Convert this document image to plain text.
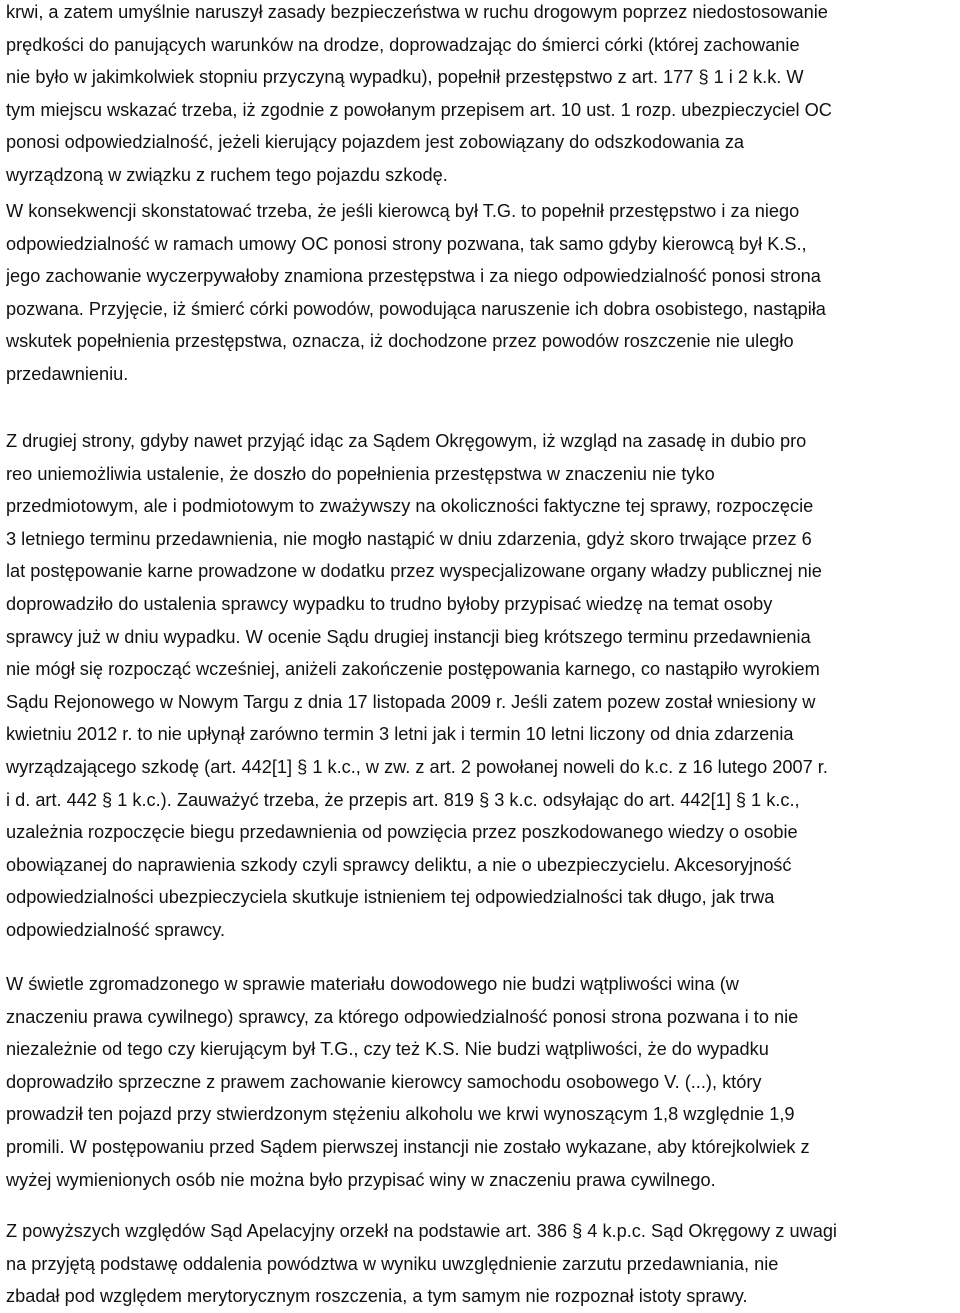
krwi, a zatem umyślnie naruszył zasady bezpieczeństwa w ruchu drogowym poprzez niedostosowanie
prędkości do panujących warunków na drodze, doprowadzając do śmierci córki (której zachowanie
nie było w jakimkolwiek stopniu przyczyną wypadku), popełnił przestępstwo z art. 177 § 1 i 2 k.k. W
tym miejscu wskazać trzeba, iż zgodnie z powołanym przepisem art. 10 ust. 1 rozp. ubezpieczyciel OC
ponosi odpowiedzialność, jeżeli kierujący pojazdem jest zobowiązany do odszkodowania za
wyrządzoną w związku z ruchem tego pojazdu szkodę.

W konsekwencji skonstatować trzeba, że jeśli kierowcą był T.G. to popełnił przestępstwo i za niego
odpowiedzialność w ramach umowy OC ponosi strony pozwana, tak samo gdyby kierowcą był K.S.,
jego zachowanie wyczerpywałoby znamiona przestępstwa i za niego odpowiedzialność ponosi strona
pozwana. Przyjęcie, iż śmierć córki powodów, powodująca naruszenie ich dobra osobistego, nastąpiła
wskutek popełnienia przestępstwa, oznacza, iż dochodzone przez powodów roszczenie nie uległo
przedawnieniu.

Z drugiej strony, gdyby nawet przyjąć idąc za Sądem Okręgowym, iż wzgląd na zasadę in dubio pro
reo uniemożliwia ustalenie, że doszło do popełnienia przestępstwa w znaczeniu nie tyko
przedmiotowym, ale i podmiotowym to zważywszy na okoliczności faktyczne tej sprawy, rozpoczęcie
3 letniego terminu przedawnienia, nie mogło nastąpić w dniu zdarzenia, gdyż skoro trwające przez 6
lat postępowanie karne prowadzone w dodatku przez wyspecjalizowane organy władzy publicznej nie
doprowadziło do ustalenia sprawcy wypadku to trudno byłoby przypisać wiedzę na temat osoby
sprawcy już w dniu wypadku. W ocenie Sądu drugiej instancji bieg krótszego terminu przedawnienia
nie mógł się rozpocząć wcześniej, aniżeli zakończenie postępowania karnego, co nastąpiło wyrokiem
Sądu Rejonowego w Nowym Targu z dnia 17 listopada 2009 r. Jeśli zatem pozew został wniesiony w
kwietniu 2012 r. to nie upłynął zarówno termin 3 letni jak i termin 10 letni liczony od dnia zdarzenia
wyrządzającego szkodę (art. 442[1] § 1 k.c., w zw. z art. 2 powołanej noweli do k.c. z 16 lutego 2007 r.
i d. art. 442 § 1 k.c.). Zauważyć trzeba, że przepis art. 819 § 3 k.c. odsyłając do art. 442[1] § 1 k.c.,
uzależnia rozpoczęcie biegu przedawnienia od powzięcia przez poszkodowanego wiedzy o osobie
obowiązanej do naprawienia szkody czyli sprawcy deliktu, a nie o ubezpieczycielu. Akcesoryjność
odpowiedzialności ubezpieczyciela skutkuje istnieniem tej odpowiedzialności tak długo, jak trwa
odpowiedzialność sprawcy.

W świetle zgromadzonego w sprawie materiału dowodowego nie budzi wątpliwości wina (w
znaczeniu prawa cywilnego) sprawcy, za którego odpowiedzialność ponosi strona pozwana i to nie
niezależnie od tego czy kierującym był T.G., czy też K.S. Nie budzi wątpliwości, że do wypadku
doprowadziło sprzeczne z prawem zachowanie kierowcy samochodu osobowego V. (...), który
prowadził ten pojazd przy stwierdzonym stężeniu alkoholu we krwi wynoszącym 1,8 względnie 1,9
promili. W postępowaniu przed Sądem pierwszej instancji nie zostało wykazane, aby którejkolwiek z
wyżej wymienionych osób nie można było przypisać winy w znaczeniu prawa cywilnego.

Z powyższych względów Sąd Apelacyjny orzekł na podstawie art. 386 § 4 k.p.c. Sąd Okręgowy z uwagi
na przyjętą podstawę oddalenia powództwa w wyniku uwzględnienie zarzutu przedawniania, nie
zbadał pod względem merytorycznym roszczenia, a tym samym nie rozpoznał istoty sprawy.
